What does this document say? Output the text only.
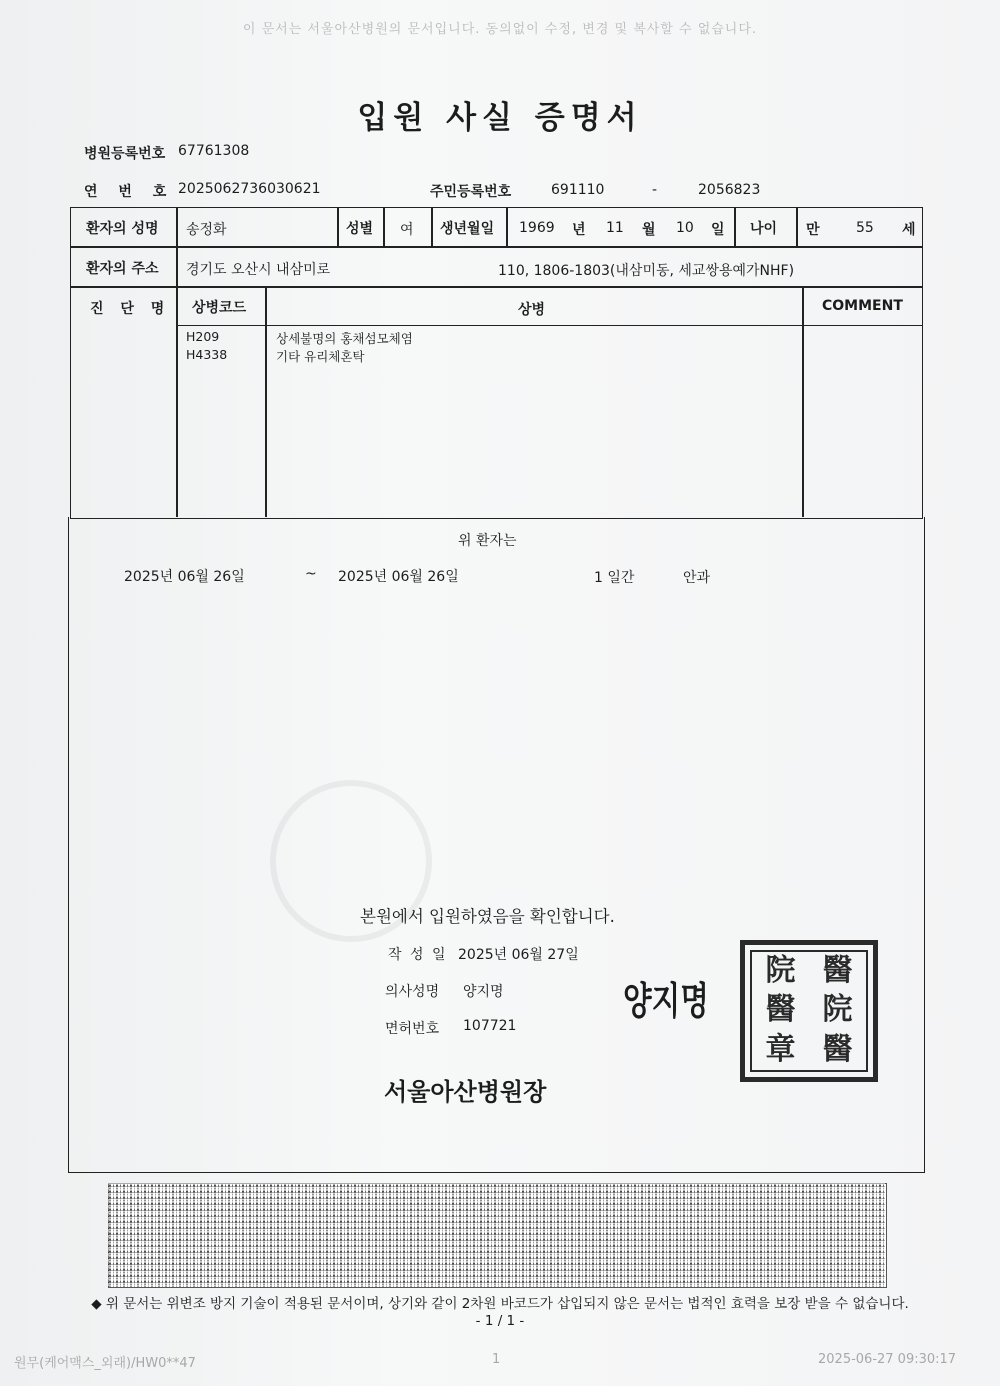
이 문서는 서울아산병원의 문서입니다. 동의없이 수정, 변경 및 복사할 수 없습니다.
입원 사실 증명서
병원등록번호 67761308
연 번 호 2025062736030621	주민등록번호	691110	-	2056823
환자의 성명 송정화	성별 여 생년월일 1969 년 11 월 10 일 나이 만	55 세
환자의 주소 경기도 오산시 내삼미로	110, 1806-1803(내삼미동, 세교쌍용예가NHF)
진 단 명 상병코드	상병	COMMENT
H209	상세불명의 홍채섬모체염
H4338	기타 유리체혼탁
위 환자는
2025년 06월 26일	~ 2025년 06월 26일	1 일간	안과
본원에서 입원하였음을 확인합니다.
작 성 일 2025년 06월 27일
의사성명 양지명
면허번호 107721
양지명
서울아산병원장
院 醫
醫 院
章 醫
◆ 위 문서는 위변조 방지 기술이 적용된 문서이며, 상기와 같이 2차원 바코드가 삽입되지 않은 문서는 법적인 효력을 보장 받을 수 없습니다.
- 1 / 1 -
원무(케어맥스_외래)/HW0**47	1	2025-06-27 09:30:17
